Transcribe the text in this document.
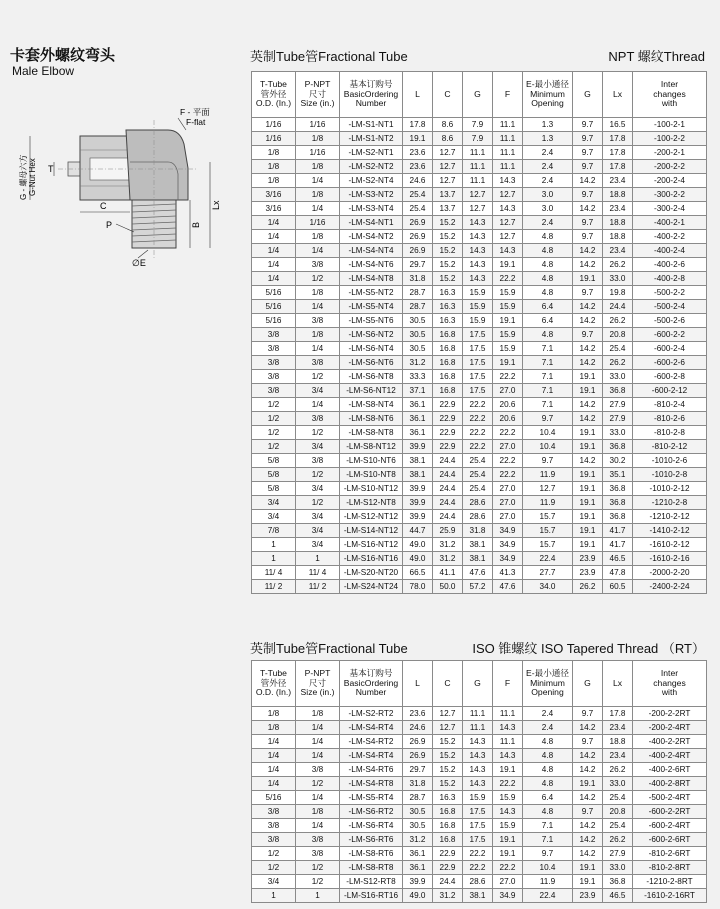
卡套外螺纹弯头
Male Elbow
F - 平面
F-flat
G - 螺母六方 G-Nut Hex T
C
P
∅E
B
Lx
英制Tube管Fractional Tube	NPT 螺纹Thread
T-Tube
管外径
O.D. (In.)	P-NPT
尺寸
Size (in.)	基本订购号
BasicOrdering
Number	L	C	G	F	E-最小通径
Minimum
Opening	G	Lx	Inter
changes
with
1/16	1/16	-LM-S1-NT1	17.8	8.6	7.9	11.1	1.3	9.7	16.5	-100-2-1
1/16	1/8	-LM-S1-NT2	19.1	8.6	7.9	11.1	1.3	9.7	17.8	-100-2-2
1/8	1/16	-LM-S2-NT1	23.6	12.7	11.1	11.1	2.4	9.7	17.8	-200-2-1
1/8	1/8	-LM-S2-NT2	23.6	12.7	11.1	11.1	2.4	9.7	17.8	-200-2-2
1/8	1/4	-LM-S2-NT4	24.6	12.7	11.1	14.3	2.4	14.2	23.4	-200-2-4
3/16	1/8	-LM-S3-NT2	25.4	13.7	12.7	12.7	3.0	9.7	18.8	-300-2-2
3/16	1/4	-LM-S3-NT4	25.4	13.7	12.7	14.3	3.0	14.2	23.4	-300-2-4
1/4	1/16	-LM-S4-NT1	26.9	15.2	14.3	12.7	2.4	9.7	18.8	-400-2-1
1/4	1/8	-LM-S4-NT2	26.9	15.2	14.3	12.7	4.8	9.7	18.8	-400-2-2
1/4	1/4	-LM-S4-NT4	26.9	15.2	14.3	14.3	4.8	14.2	23.4	-400-2-4
1/4	3/8	-LM-S4-NT6	29.7	15.2	14.3	19.1	4.8	14.2	26.2	-400-2-6
1/4	1/2	-LM-S4-NT8	31.8	15.2	14.3	22.2	4.8	19.1	33.0	-400-2-8
5/16	1/8	-LM-S5-NT2	28.7	16.3	15.9	15.9	4.8	9.7	19.8	-500-2-2
5/16	1/4	-LM-S5-NT4	28.7	16.3	15.9	15.9	6.4	14.2	24.4	-500-2-4
5/16	3/8	-LM-S5-NT6	30.5	16.3	15.9	19.1	6.4	14.2	26.2	-500-2-6
3/8	1/8	-LM-S6-NT2	30.5	16.8	17.5	15.9	4.8	9.7	20.8	-600-2-2
3/8	1/4	-LM-S6-NT4	30.5	16.8	17.5	15.9	7.1	14.2	25.4	-600-2-4
3/8	3/8	-LM-S6-NT6	31.2	16.8	17.5	19.1	7.1	14.2	26.2	-600-2-6
3/8	1/2	-LM-S6-NT8	33.3	16.8	17.5	22.2	7.1	19.1	33.0	-600-2-8
3/8	3/4	-LM-S6-NT12	37.1	16.8	17.5	27.0	7.1	19.1	36.8	-600-2-12
1/2	1/4	-LM-S8-NT4	36.1	22.9	22.2	20.6	7.1	14.2	27.9	-810-2-4
1/2	3/8	-LM-S8-NT6	36.1	22.9	22.2	20.6	9.7	14.2	27.9	-810-2-6
1/2	1/2	-LM-S8-NT8	36.1	22.9	22.2	22.2	10.4	19.1	33.0	-810-2-8
1/2	3/4	-LM-S8-NT12	39.9	22.9	22.2	27.0	10.4	19.1	36.8	-810-2-12
5/8	3/8	-LM-S10-NT6	38.1	24.4	25.4	22.2	9.7	14.2	30.2	-1010-2-6
5/8	1/2	-LM-S10-NT8	38.1	24.4	25.4	22.2	11.9	19.1	35.1	-1010-2-8
5/8	3/4	-LM-S10-NT12	39.9	24.4	25.4	27.0	12.7	19.1	36.8	-1010-2-12
3/4	1/2	-LM-S12-NT8	39.9	24.4	28.6	27.0	11.9	19.1	36.8	-1210-2-8
3/4	3/4	-LM-S12-NT12	39.9	24.4	28.6	27.0	15.7	19.1	36.8	-1210-2-12
7/8	3/4	-LM-S14-NT12	44.7	25.9	31.8	34.9	15.7	19.1	41.7	-1410-2-12
1	3/4	-LM-S16-NT12	49.0	31.2	38.1	34.9	15.7	19.1	41.7	-1610-2-12
1	1	-LM-S16-NT16	49.0	31.2	38.1	34.9	22.4	23.9	46.5	-1610-2-16
11/ 4	11/ 4	-LM-S20-NT20	66.5	41.1	47.6	41.3	27.7	23.9	47.8	-2000-2-20
11/ 2	11/ 2	-LM-S24-NT24	78.0	50.0	57.2	47.6	34.0	26.2	60.5	-2400-2-24
英制Tube管Fractional Tube	ISO 锥螺纹 ISO Tapered Thread （RT）
T-Tube
管外径
O.D. (In.)	P-NPT
尺寸
Size (in.)	基本订购号
BasicOrdering
Number	L	C	G	F	E-最小通径
Minimum
Opening	G	Lx	Inter
changes
with
1/8	1/8	-LM-S2-RT2	23.6	12.7	11.1	11.1	2.4	9.7	17.8	-200-2-2RT
1/8	1/4	-LM-S4-RT4	24.6	12.7	11.1	14.3	2.4	14.2	23.4	-200-2-4RT
1/4	1/4	-LM-S4-RT2	26.9	15.2	14.3	11.1	4.8	9.7	18.8	-400-2-2RT
1/4	1/4	-LM-S4-RT4	26.9	15.2	14.3	14.3	4.8	14.2	23.4	-400-2-4RT
1/4	3/8	-LM-S4-RT6	29.7	15.2	14.3	19.1	4.8	14.2	26.2	-400-2-6RT
1/4	1/2	-LM-S4-RT8	31.8	15.2	14.3	22.2	4.8	19.1	33.0	-400-2-8RT
5/16	1/4	-LM-S5-RT4	28.7	16.3	15.9	15.9	6.4	14.2	25.4	-500-2-4RT
3/8	1/8	-LM-S6-RT2	30.5	16.8	17.5	14.3	4.8	9.7	20.8	-600-2-2RT
3/8	1/4	-LM-S6-RT4	30.5	16.8	17.5	15.9	7.1	14.2	25.4	-600-2-4RT
3/8	3/8	-LM-S6-RT6	31.2	16.8	17.5	19.1	7.1	14.2	26.2	-600-2-6RT
1/2	3/8	-LM-S8-RT6	36.1	22.9	22.2	19.1	9.7	14.2	27.9	-810-2-6RT
1/2	1/2	-LM-S8-RT8	36.1	22.9	22.2	22.2	10.4	19.1	33.0	-810-2-8RT
3/4	1/2	-LM-S12-RT8	39.9	24.4	28.6	27.0	11.9	19.1	36.8	-1210-2-8RT
1	1	-LM-S16-RT16	49.0	31.2	38.1	34.9	22.4	23.9	46.5	-1610-2-16RT
